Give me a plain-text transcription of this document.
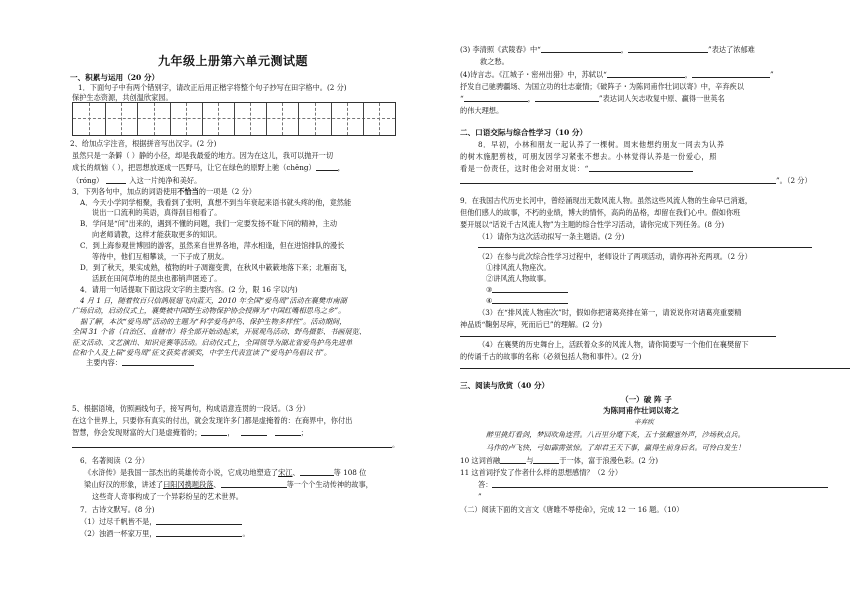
九年级上册第六单元测试题
一、积累与运用（20 分）
1．下面句子中有两个错别字，请改正后用正楷字将整个句子抄写在田字格中。(2 分)
保护生态资源，共创温欣家园。
2、给加点字注音，根据拼音写出汉字。(2 分)
虽然只是一条僻（ ）静的小径，却是我最爱的地方。因为在这儿，我可以抛开一切
成长的烦恼（ ），把思想放逐成一匹野马，让它在绿色的原野上驰（chěng）	，
（róng）	入这一片纯净和美好。
3．下列各句中，加点的词语使用不恰当的一项是（2 分）
A．今天小学同学相聚，我看到了张明，真想不到当年衰起来语书就头疼的他，竟然能
说出一口流利的英语，真得刮目相看了。
B．学问是“问”出来的，遇到不懂的问题，我们一定要发扬不耻下问的精神，主动
向老师请教，这样才能获取更多的知识。
C．到上海参观世博园的游客，虽然来自世界各地，萍水相逢，但在进馆排队的漫长
等待中，他们互相攀谈，一下子成了朋友。
D．到了秋天，果实成熟，植物的叶子凋谢变黄，在秋风中簌簌地落下来；北雁南飞，
活跃在田间草地的昆虫也都销声匿迹了。
4．请用一句话提取下面这段文字的主要内容。(2 分，限 16 字以内)
4 月 1 日，随着牧百只信鸽展翅飞向蓝天，2010 年全国“爱鸟周”活动在襄樊市南湖
广场启动，启动仪式上，襄樊被中国野生动物保护协会授牌为“中国红嘴相思鸟之乡”。
据了解，本次“爱鸟周”活动的主题为“科学爱鸟护鸟、保护生物多样性”。活动期间，
全国 31 个省（自治区、直辖市）将全部开始动起来，开展观鸟活动、野鸟摄影、书画展览、
征文活动、文艺演出、知识竞赛等活动。启动仪式上，全国领导为湖北省爱鸟护鸟先进单
位和个人及上届“爱鸟周”征文获奖者颁奖，中学生代表宣读了“爱鸟护鸟倡议书”。
主要内容：
5、根据语境，仿照画线句子，接写两句，构成语意连贯的一段话。（3 分）
在这个世界上，只要你有真实的付出，就会发现许多门都是虚掩着的：在商界中，你付出
智慧，你会发现财富的大门是虚掩着的；	，	；
。
6．名著阅读（2 分）
《水浒传》是我国一部杰出的英雄传奇小说，它成功地塑造了宋江、	等 108 位
梁山好汉的形象，讲述了曰阳冈携题段落、	等一个个生动传神的故事，
这些奇人奇事构成了一个异彩纷呈的艺术世界。
7．古诗文默写。(8 分)
（1）过尽千帆皆不是，
（2）浊酒一杯家万里，	。
(3) 李清照《武陵春》中“	，	”表达了浓郁难
救之愁。
(4)诗言志。《江城子・密州出猎》中，苏轼以“	，	”
抒发自己驰骋疆场、为国立功的壮志豪情；《破阵子・为陈同甫作壮词以寄》中，辛弃疾以
“	，	”表达词人矢志收复中原、赢得一世英名
的伟大理想。
二、口语交际与综合性学习（10 分）
8．早初，小林和朋友一起认养了一棵树。周末他想约朋友一同去为认养
的树木施肥剪枝，可朋友因学习紧张不想去。小林觉得认养是一份爱心，照
看是一份责任，这时他会对朋友说：“
”。（2 分）
9．在我国古代历史长河中，曾经涌现出无数风流人物。虽然这些风流人物的生命早已消逝，
但他们感人的故事，不朽的业绩，博大的情怀，高尚的品格，却留在我们心中。假如你班
要开展以“话说千古风流人物”为主题的综合性学习活动，请你完成下列任务。(8 分)
（1）请你为这次活动拟写一条主题语。(2 分)
（2）在参与此次综合性学习过程中，老师设计了两项活动，请你再补充两项。（2 分）
①排风流人物座次。
②讲风流人物故事。
③
④
（3）在“排风流人物座次”时，假如你把诸葛亮排在第一，请说说你对诸葛亮重要精
神品质“鞠躬尽瘁，死而后已”的理解。(2 分)
（4）在襄樊的历史舞台上，活跃着众多的风流人物，请你简要写一个他们在襄樊留下
的传诵千古的故事的名称（必须包括人物和事件）。(2 分)
三、阅读与欣赏（40 分）
（一）破 阵 子
为陈同甫作壮词以寄之
辛弃疾
醉里挑灯看剑，梦回吹角连营。八百里分麾下炙，五十弦翻塞外声，沙场秋点兵。
马作的卢飞快，弓如霹雳弦惊。了却君王天下事，赢得生前身后名。可怜白发生！
10 这词首融	与	于一体，富于浪漫色彩。(2 分)
11 这首词抒发了作者什么样的思想感情？（2 分）
答：
”
（二）阅读下面的文言文《唐睢不辱使命》，完成 12 一 16 题。（10）
